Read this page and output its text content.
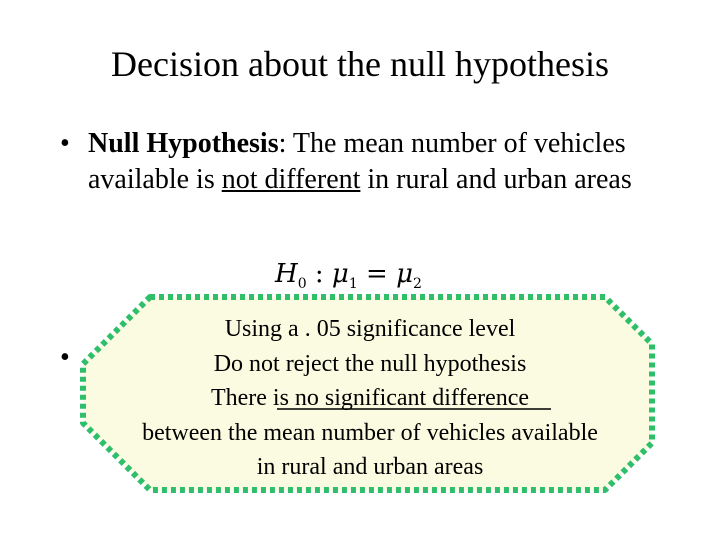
Decision about the null hypothesis
• Null Hypothesis: The mean number of vehicles available is not different in rural and urban areas
$H_0$ : $\mu_1 = \mu_2$
•
Using a . 05 significance level
Do not reject the null hypothesis
There is no significant difference
between the mean number of vehicles available
in rural and urban areas
